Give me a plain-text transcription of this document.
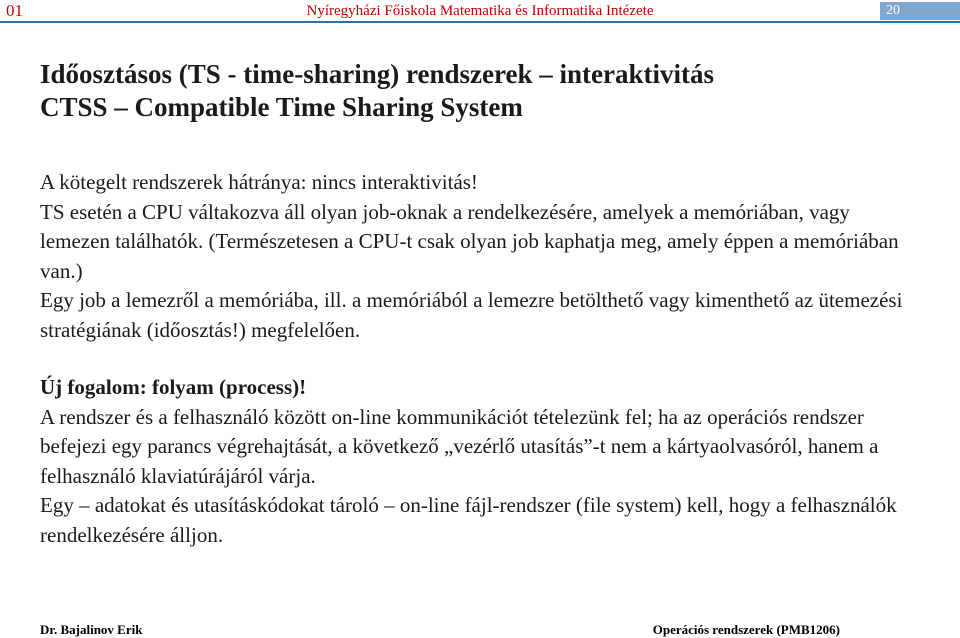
01	Nyíregyházi Főiskola Matematika és Informatika Intézete	20
Időosztásos (TS - time-sharing) rendszerek – interaktivitás
CTSS – Compatible Time Sharing System

A kötegelt rendszerek hátránya: nincs interaktivitás!

TS esetén a CPU váltakozva áll olyan job-oknak a rendelkezésére, amelyek a memóriában, vagy lemezen találhatók. (Természetesen a CPU-t csak olyan job kaphatja meg, amely éppen a memóriában van.)

Egy job a lemezről a memóriába, ill. a memóriából a lemezre betölthető vagy kimenthető az ütemezési stratégiának (időosztás!) megfelelően.

Új fogalom: folyam (process)!

A rendszer és a felhasználó között on-line kommunikációt tételezünk fel; ha az operációs rendszer befejezi egy parancs végrehajtását, a következő „vezérlő utasítás”-t nem a kártyaolvasóról, hanem a felhasználó klaviatúrájáról várja.

Egy – adatokat és utasításkódokat tároló – on-line fájl-rendszer (file system) kell, hogy a felhasználók rendelkezésére álljon.

Dr. Bajalinov Erik	Operációs rendszerek (PMB1206)
